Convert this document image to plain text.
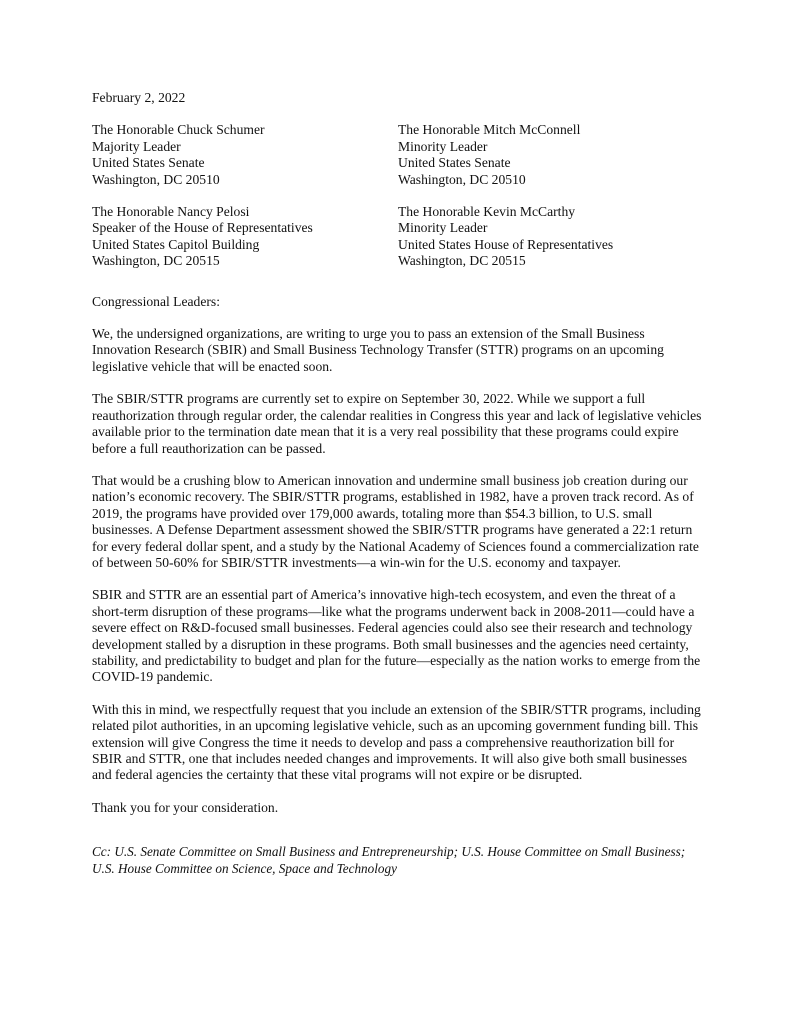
February 2, 2022

The Honorable Chuck Schumer
Majority Leader
United States Senate
Washington, DC 20510
The Honorable Mitch McConnell
Minority Leader
United States Senate
Washington, DC 20510
The Honorable Nancy Pelosi
Speaker of the House of Representatives
United States Capitol Building
Washington, DC 20515
The Honorable Kevin McCarthy
Minority Leader
United States House of Representatives
Washington, DC 20515

Congressional Leaders:

We, the undersigned organizations, are writing to urge you to pass an extension of the Small Business Innovation Research (SBIR) and Small Business Technology Transfer (STTR) programs on an upcoming legislative vehicle that will be enacted soon.

The SBIR/STTR programs are currently set to expire on September 30, 2022. While we support a full reauthorization through regular order, the calendar realities in Congress this year and lack of legislative vehicles available prior to the termination date mean that it is a very real possibility that these programs could expire before a full reauthorization can be passed.

That would be a crushing blow to American innovation and undermine small business job creation during our nation’s economic recovery. The SBIR/STTR programs, established in 1982, have a proven track record. As of 2019, the programs have provided over 179,000 awards, totaling more than $54.3 billion, to U.S. small businesses. A Defense Department assessment showed the SBIR/STTR programs have generated a 22:1 return for every federal dollar spent, and a study by the National Academy of Sciences found a commercialization rate of between 50-60% for SBIR/STTR investments—a win-win for the U.S. economy and taxpayer.

SBIR and STTR are an essential part of America’s innovative high-tech ecosystem, and even the threat of a short-term disruption of these programs—like what the programs underwent back in 2008-2011—could have a severe effect on R&D-focused small businesses. Federal agencies could also see their research and technology development stalled by a disruption in these programs. Both small businesses and the agencies need certainty, stability, and predictability to budget and plan for the future—especially as the nation works to emerge from the COVID-19 pandemic.

With this in mind, we respectfully request that you include an extension of the SBIR/STTR programs, including related pilot authorities, in an upcoming legislative vehicle, such as an upcoming government funding bill. This extension will give Congress the time it needs to develop and pass a comprehensive reauthorization bill for SBIR and STTR, one that includes needed changes and improvements. It will also give both small businesses and federal agencies the certainty that these vital programs will not expire or be disrupted.

Thank you for your consideration.

Cc: U.S. Senate Committee on Small Business and Entrepreneurship; U.S. House Committee on Small Business; U.S. House Committee on Science, Space and Technology
